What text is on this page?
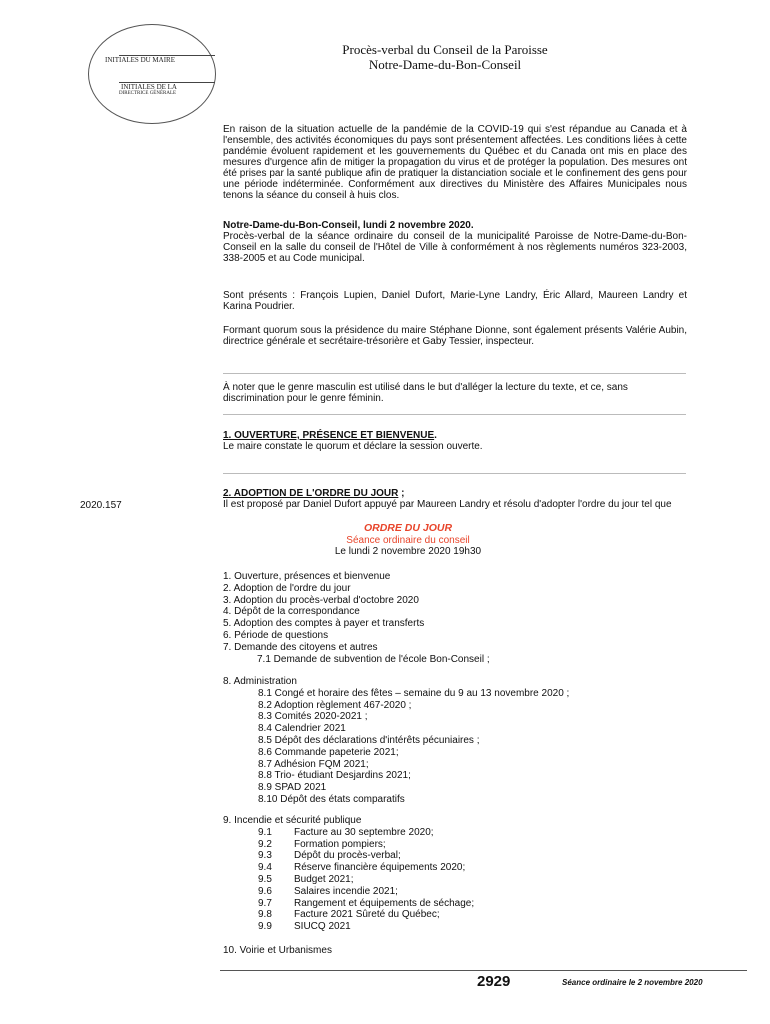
INITIALES DU MAIRE
INITIALES DE LA
DIRECTRICE GÉNÉRALE
Procès-verbal du Conseil de la Paroisse
Notre-Dame-du-Bon-Conseil
En raison de la situation actuelle de la pandémie de la COVID-19 qui s'est répandue au Canada et à l'ensemble, des activités économiques du pays sont présentement affectées. Les conditions liées à cette pandémie évoluent rapidement et les gouvernements du Québec et du Canada ont mis en place des mesures d'urgence afin de mitiger la propagation du virus et de protéger la population. Des mesures ont été prises par la santé publique afin de pratiquer la distanciation sociale et le confinement des gens pour une période indéterminée. Conformément aux directives du Ministère des Affaires Municipales nous tenons la séance du conseil à huis clos.
Notre-Dame-du-Bon-Conseil, lundi 2 novembre 2020.
Procès-verbal de la séance ordinaire du conseil de la municipalité Paroisse de Notre-Dame-du-Bon-Conseil en la salle du conseil de l'Hôtel de Ville à conformément à nos règlements numéros 323-2003, 338-2005 et au Code municipal.
Sont présents : François Lupien, Daniel Dufort, Marie-Lyne Landry, Éric Allard, Maureen Landry et Karina Poudrier.
Formant quorum sous la présidence du maire Stéphane Dionne, sont également présents Valérie Aubin, directrice générale et secrétaire-trésorière et Gaby Tessier, inspecteur.
À noter que le genre masculin est utilisé dans le but d'alléger la lecture du texte, et ce, sans discrimination pour le genre féminin.
1. OUVERTURE, PRÉSENCE ET BIENVENUE.
Le maire constate le quorum et déclare la session ouverte.
2020.157
2. ADOPTION DE L'ORDRE DU JOUR ;
Il est proposé par Daniel Dufort appuyé par Maureen Landry et résolu d'adopter l'ordre du jour tel que
ORDRE DU JOUR
Séance ordinaire du conseil
Le lundi 2 novembre 2020 19h30
1. Ouverture, présences et bienvenue
2. Adoption de l'ordre du jour
3. Adoption du procès-verbal d'octobre 2020
4. Dépôt de la correspondance
5. Adoption des comptes à payer et transferts
6. Période de questions
7. Demande des citoyens et autres
7.1 Demande de subvention de l'école Bon-Conseil ;
8. Administration
8.1 Congé et horaire des fêtes – semaine du 9 au 13 novembre 2020 ;
8.2 Adoption règlement 467-2020 ;
8.3 Comités 2020-2021 ;
8.4 Calendrier 2021
8.5 Dépôt des déclarations d'intérêts pécuniaires ;
8.6 Commande papeterie 2021;
8.7 Adhésion FQM 2021;
8.8 Trio- étudiant Desjardins 2021;
8.9 SPAD 2021
8.10 Dépôt des états comparatifs
9. Incendie et sécurité publique
9.1 Facture au 30 septembre 2020;
9.2 Formation pompiers;
9.3 Dépôt du procès-verbal;
9.4 Réserve financière équipements 2020;
9.5 Budget 2021;
9.6 Salaires incendie 2021;
9.7 Rangement et équipements de séchage;
9.8 Facture 2021 Sûreté du Québec;
9.9 SIUCQ 2021
10. Voirie et Urbanismes
2929	Séance ordinaire le 2 novembre 2020
